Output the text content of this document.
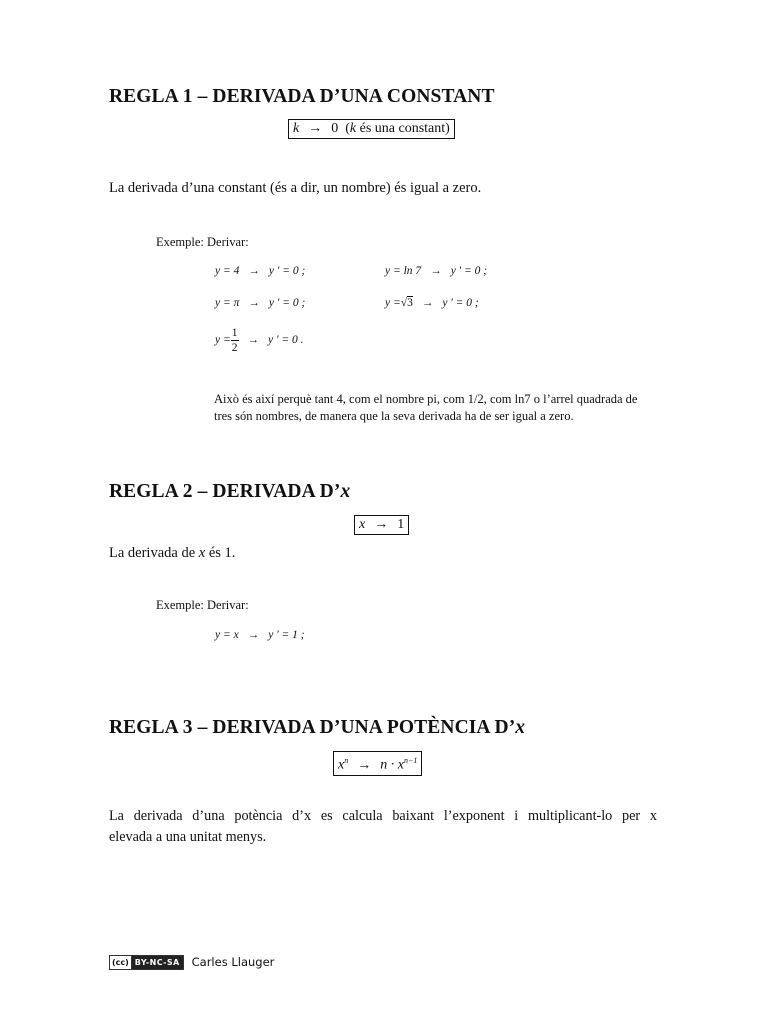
REGLA 1 – DERIVADA D’UNA CONSTANT
k → 0 (k és una constant)
La derivada d’una constant (és a dir, un nombre) és igual a zero.
Exemple: Derivar:
y = 4 → y ' = 0 ;	y = ln 7 → y ' = 0 ;
y = π → y ' = 0 ;	y =√3 → y ' = 0 ;
$y = \frac{1}{2} \to y$ ' = 0 .
Això és així perquè tant 4, com el nombre pi, com 1/2, com ln7 o l’arrel quadrada de
tres són nombres, de manera que la seva derivada ha de ser igual a zero.
REGLA 2 – DERIVADA D’x
x → 1
La derivada de x és 1.
Exemple: Derivar:
y = x → y ' = 1 ;
REGLA 3 – DERIVADA D’UNA POTÈNCIA D’x
$x^n \to n \cdot x^{n-1}$
La derivada d’una potència d’x es calcula baixant l’exponent i multiplicant-lo per x
elevada a una unitat menys.
(cc) BY-NC-SA Carles Llauger
